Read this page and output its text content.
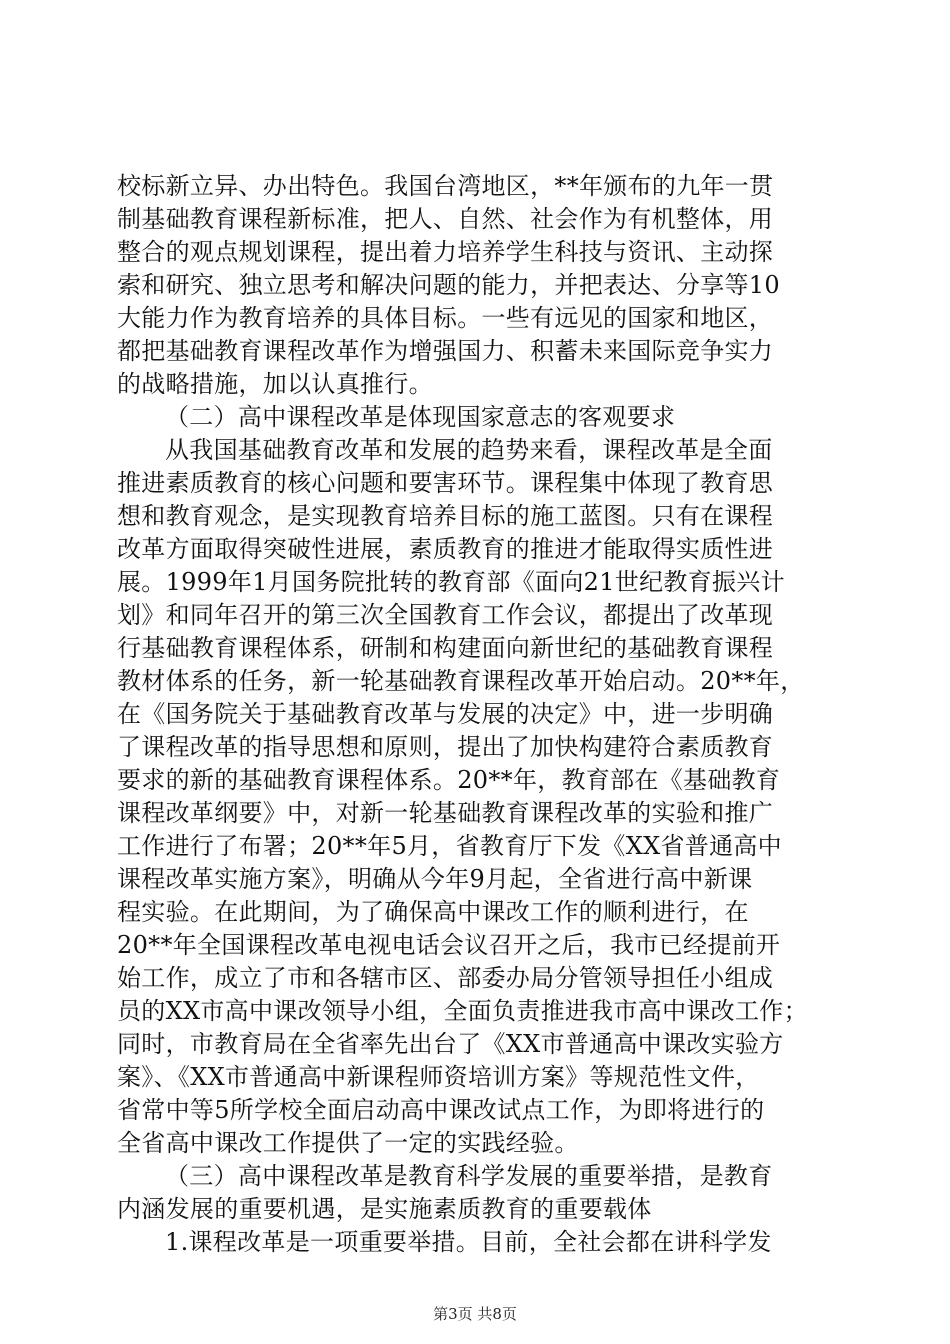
校标新立异、办出特色。我国台湾地区，**年颁布的九年一贯
制基础教育课程新标准，把人、自然、社会作为有机整体，用
整合的观点规划课程，提出着力培养学生科技与资讯、主动探
索和研究、独立思考和解决问题的能力，并把表达、分享等10
大能力作为教育培养的具体目标。一些有远见的国家和地区，
都把基础教育课程改革作为增强国力、积蓄未来国际竞争实力
的战略措施，加以认真推行。
（二）高中课程改革是体现国家意志的客观要求
从我国基础教育改革和发展的趋势来看，课程改革是全面
推进素质教育的核心问题和要害环节。课程集中体现了教育思
想和教育观念，是实现教育培养目标的施工蓝图。只有在课程
改革方面取得突破性进展，素质教育的推进才能取得实质性进
展。1999年1月国务院批转的教育部《面向21世纪教育振兴计
划》和同年召开的第三次全国教育工作会议，都提出了改革现
行基础教育课程体系，研制和构建面向新世纪的基础教育课程
教材体系的任务，新一轮基础教育课程改革开始启动。20**年，
在《国务院关于基础教育改革与发展的决定》中，进一步明确
了课程改革的指导思想和原则，提出了加快构建符合素质教育
要求的新的基础教育课程体系。20**年，教育部在《基础教育
课程改革纲要》中，对新一轮基础教育课程改革的实验和推广
工作进行了布署；20**年5月，省教育厅下发《XX省普通高中
课程改革实施方案》，明确从今年9月起，全省进行高中新课
程实验。在此期间，为了确保高中课改工作的顺利进行，在
20**年全国课程改革电视电话会议召开之后，我市已经提前开
始工作，成立了市和各辖市区、部委办局分管领导担任小组成
员的XX市高中课改领导小组，全面负责推进我市高中课改工作；
同时，市教育局在全省率先出台了《XX市普通高中课改实验方
案》、《XX市普通高中新课程师资培训方案》等规范性文件，
省常中等5所学校全面启动高中课改试点工作，为即将进行的
全省高中课改工作提供了一定的实践经验。
（三）高中课程改革是教育科学发展的重要举措，是教育
内涵发展的重要机遇，是实施素质教育的重要载体
1.课程改革是一项重要举措。目前，全社会都在讲科学发
第3页 共8页
